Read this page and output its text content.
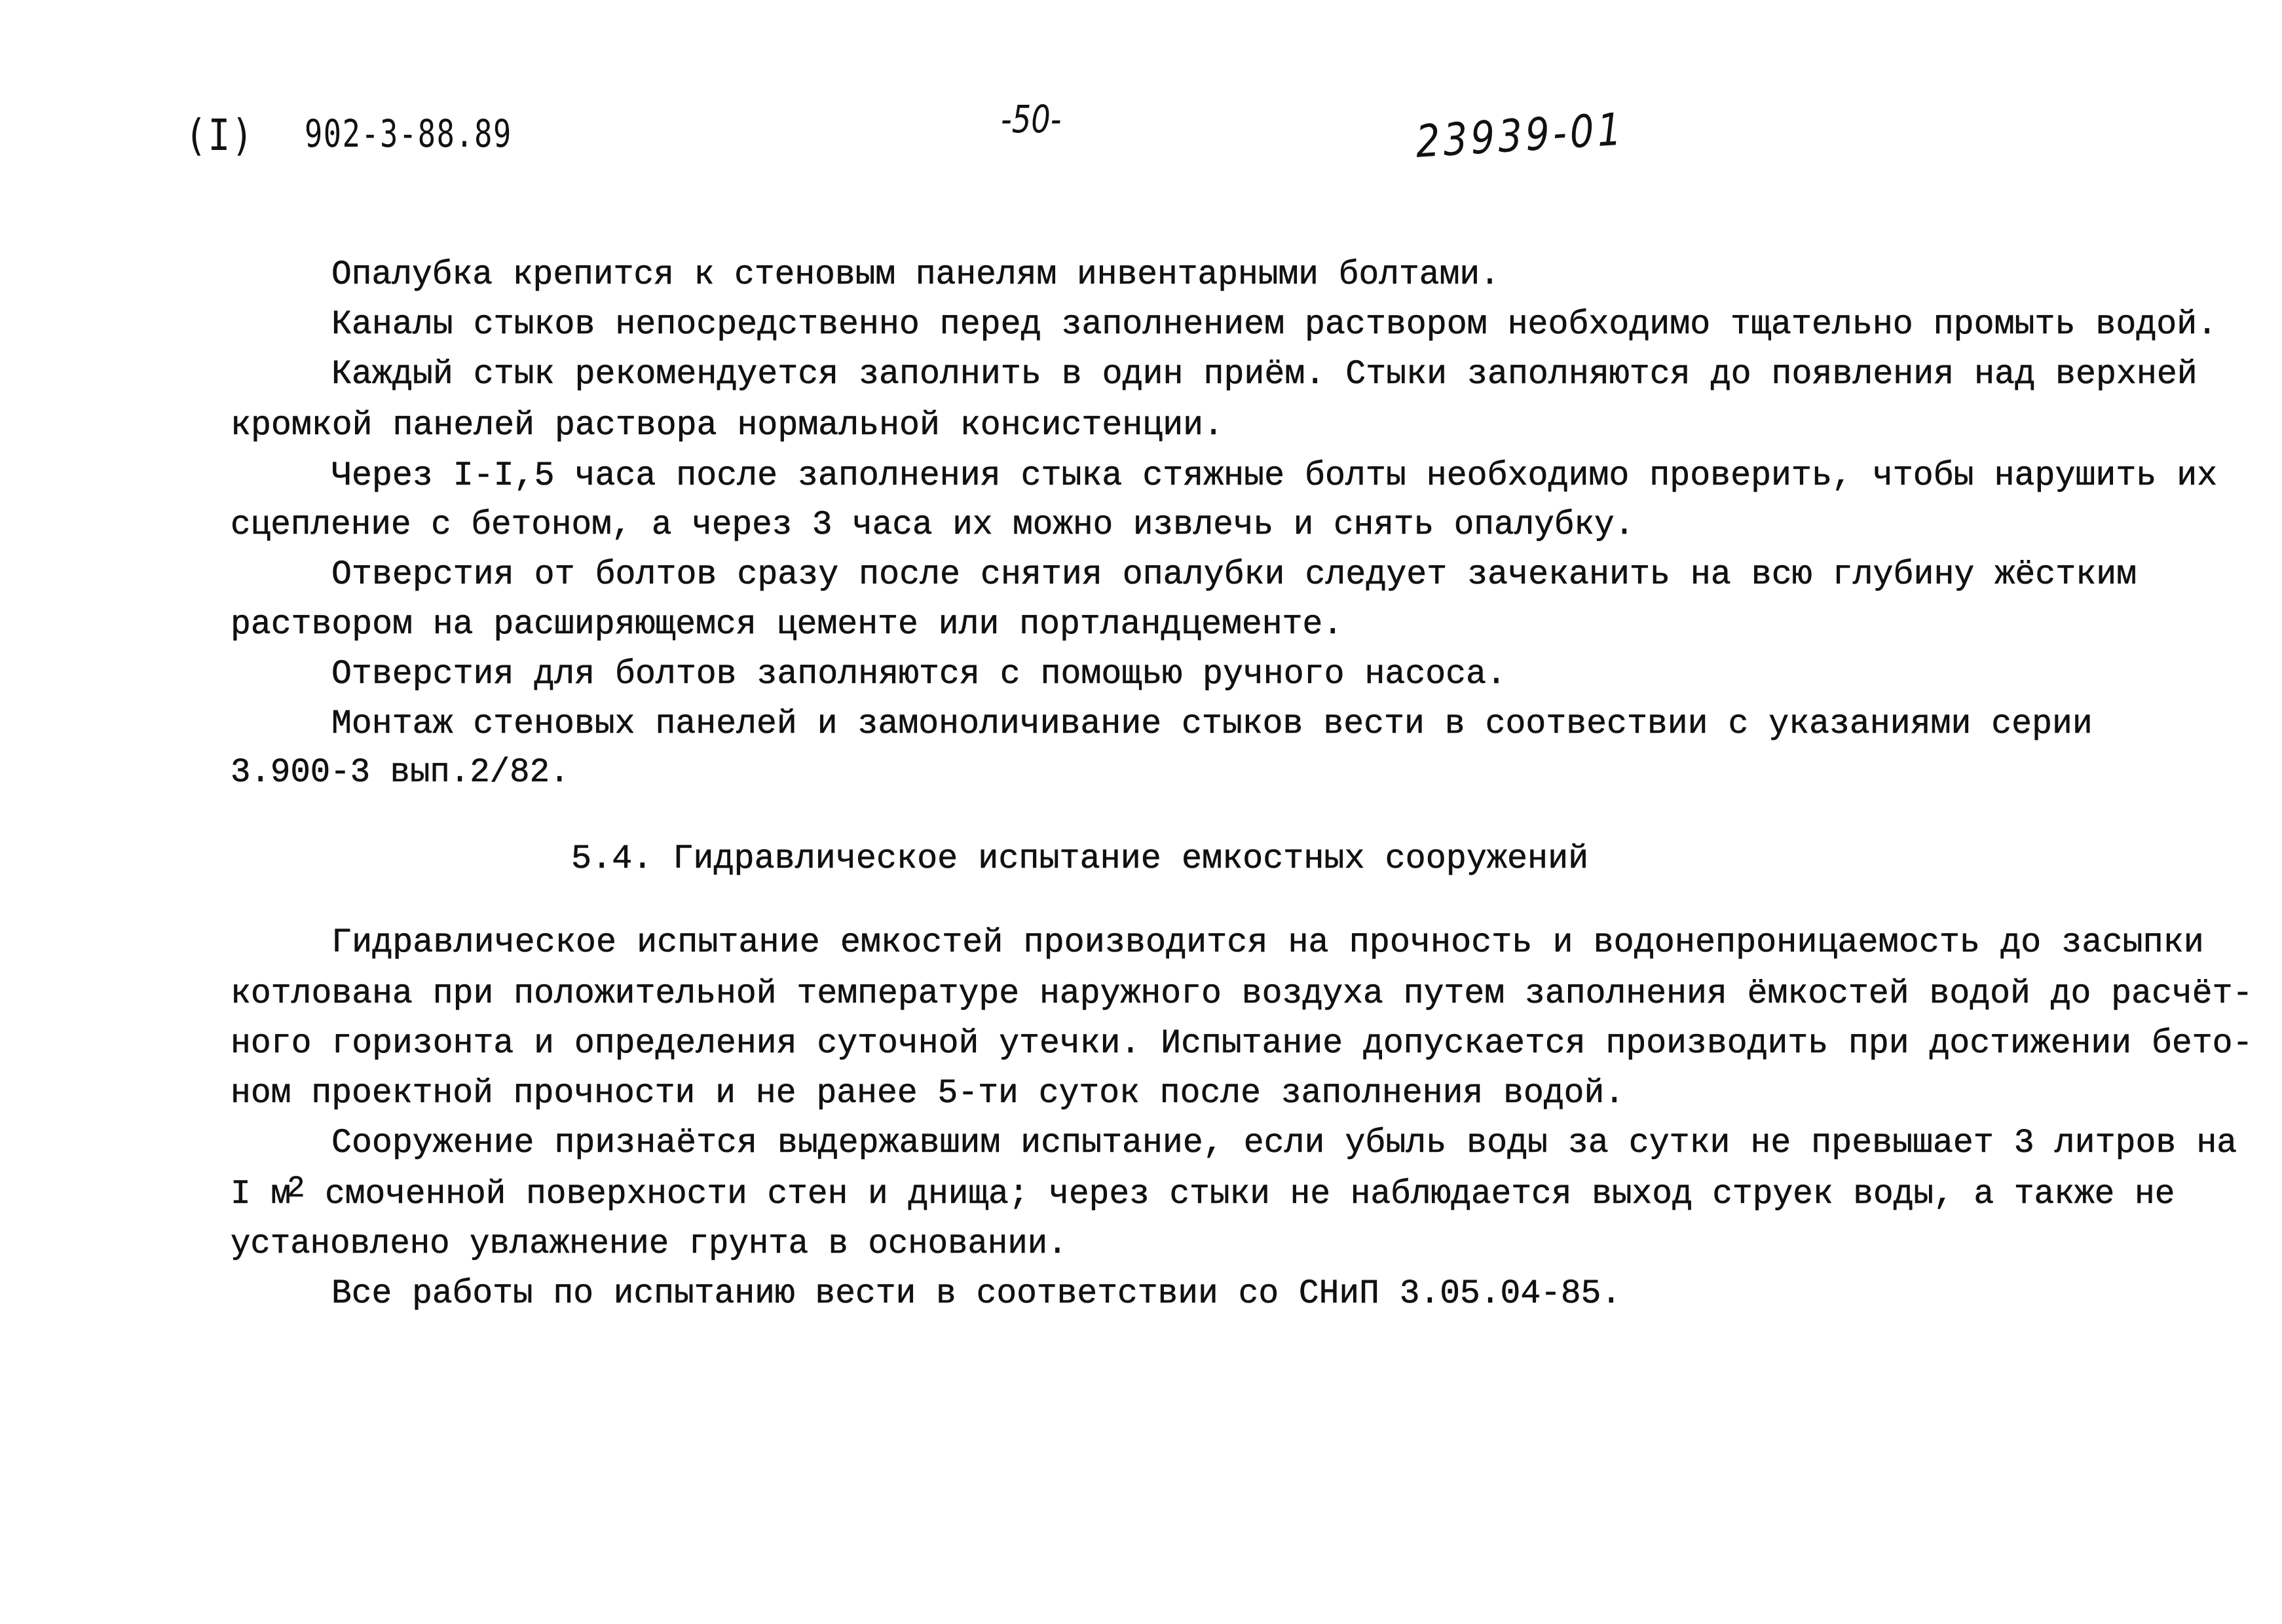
(I) 902-3-88.89	-50-	23939-01
Опалубка крепится к стеновым панелям инвентарными болтами.
Каналы стыков непосредственно перед заполнением раствором необходимо тщательно промыть водой.
Каждый стык рекомендуется заполнить в один приём. Стыки заполняются до появления над верхней
кромкой панелей раствора нормальной консистенции.
Через I-I,5 часа после заполнения стыка стяжные болты необходимо проверить, чтобы нарушить их
сцепление с бетоном, а через 3 часа их можно извлечь и снять опалубку.
Отверстия от болтов сразу после снятия опалубки следует зачеканить на всю глубину жёстким
раствором на расширяющемся цементе или портландцементе.
Отверстия для болтов заполняются с помощью ручного насоса.
Монтаж стеновых панелей и замоноличивание стыков вести в соотвествии с указаниями серии
3.900-3 вып.2/82.
5.4. Гидравлическое испытание емкостных сооружений
Гидравлическое испытание емкостей производится на прочность и водонепроницаемость до засыпки
котлована при положительной температуре наружного воздуха путем заполнения ёмкостей водой до расчёт-
ного горизонта и определения суточной утечки. Испытание допускается производить при достижении бето-
ном проектной прочности и не ранее 5-ти суток после заполнения водой.
Сооружение признаётся выдержавшим испытание, если убыль воды за сутки не превышает 3 литров на
I $м^2$ смоченной поверхности стен и днища; через стыки не наблюдается выход струек воды, а также не
установлено увлажнение грунта в основании.
Все работы по испытанию вести в соответствии со СНиП 3.05.04-85.
